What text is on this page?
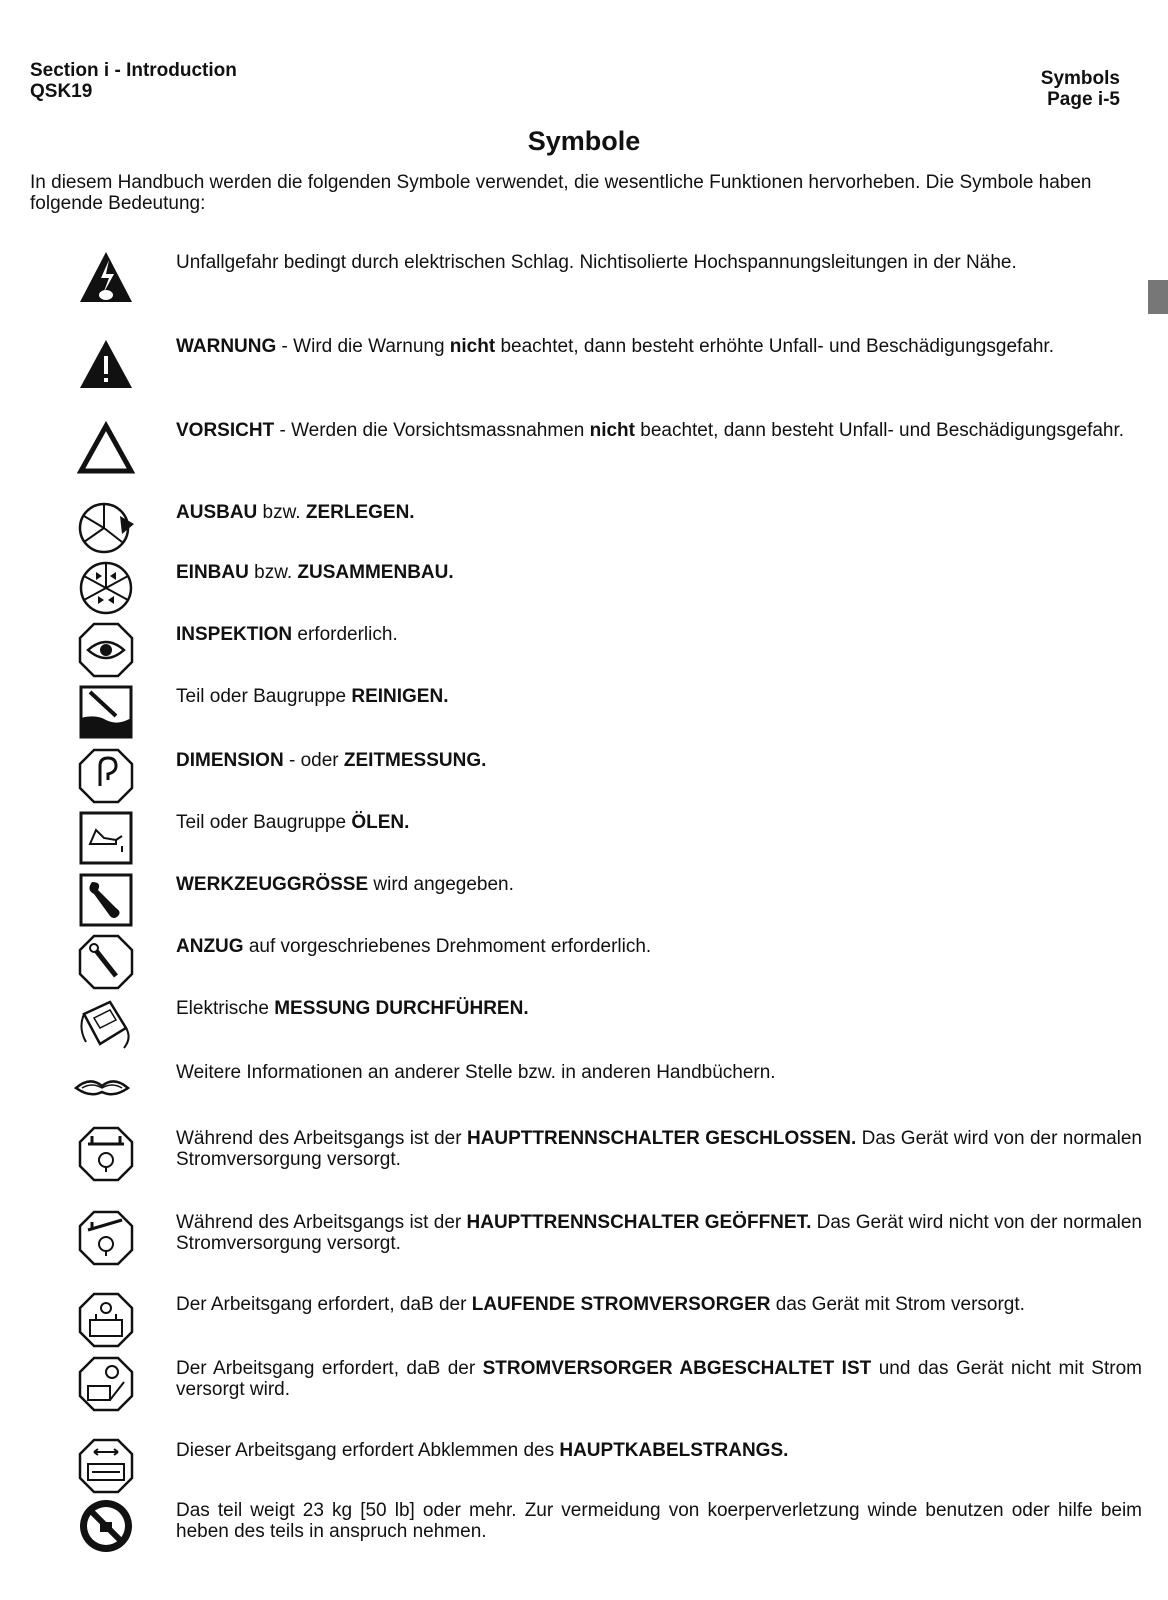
Section i - Introduction
QSK19
Symbols
Page i-5
Symbole
In diesem Handbuch werden die folgenden Symbole verwendet, die wesentliche Funktionen hervorheben. Die Symbole haben folgende Bedeutung:
Unfallgefahr bedingt durch elektrischen Schlag. Nichtisolierte Hochspannungsleitungen in der Nähe.
WARNUNG - Wird die Warnung nicht beachtet, dann besteht erhöhte Unfall- und Beschädigungsgefahr.
VORSICHT - Werden die Vorsichtsmassnahmen nicht beachtet, dann besteht Unfall- und Beschädigungsgefahr.
AUSBAU bzw. ZERLEGEN.
EINBAU bzw. ZUSAMMENBAU.
INSPEKTION erforderlich.
Teil oder Baugruppe REINIGEN.
DIMENSION - oder ZEITMESSUNG.
Teil oder Baugruppe ÖLEN.
WERKZEUGGRÖSSE wird angegeben.
ANZUG auf vorgeschriebenes Drehmoment erforderlich.
Elektrische MESSUNG DURCHFÜHREN.
Weitere Informationen an anderer Stelle bzw. in anderen Handbüchern.
Während des Arbeitsgangs ist der HAUPTTRENNSCHALTER GESCHLOSSEN. Das Gerät wird von der normalen Stromversorgung versorgt.
Während des Arbeitsgangs ist der HAUPTTRENNSCHALTER GEÖFFNET. Das Gerät wird nicht von der normalen Stromversorgung versorgt.
Der Arbeitsgang erfordert, daB der LAUFENDE STROMVERSORGER das Gerät mit Strom versorgt.
Der Arbeitsgang erfordert, daB der STROMVERSORGER ABGESCHALTET IST und das Gerät nicht mit Strom versorgt wird.
Dieser Arbeitsgang erfordert Abklemmen des HAUPTKABELSTRANGS.
Das teil weigt 23 kg [50 lb] oder mehr. Zur vermeidung von koerperverletzung winde benutzen oder hilfe beim heben des teils in anspruch nehmen.
